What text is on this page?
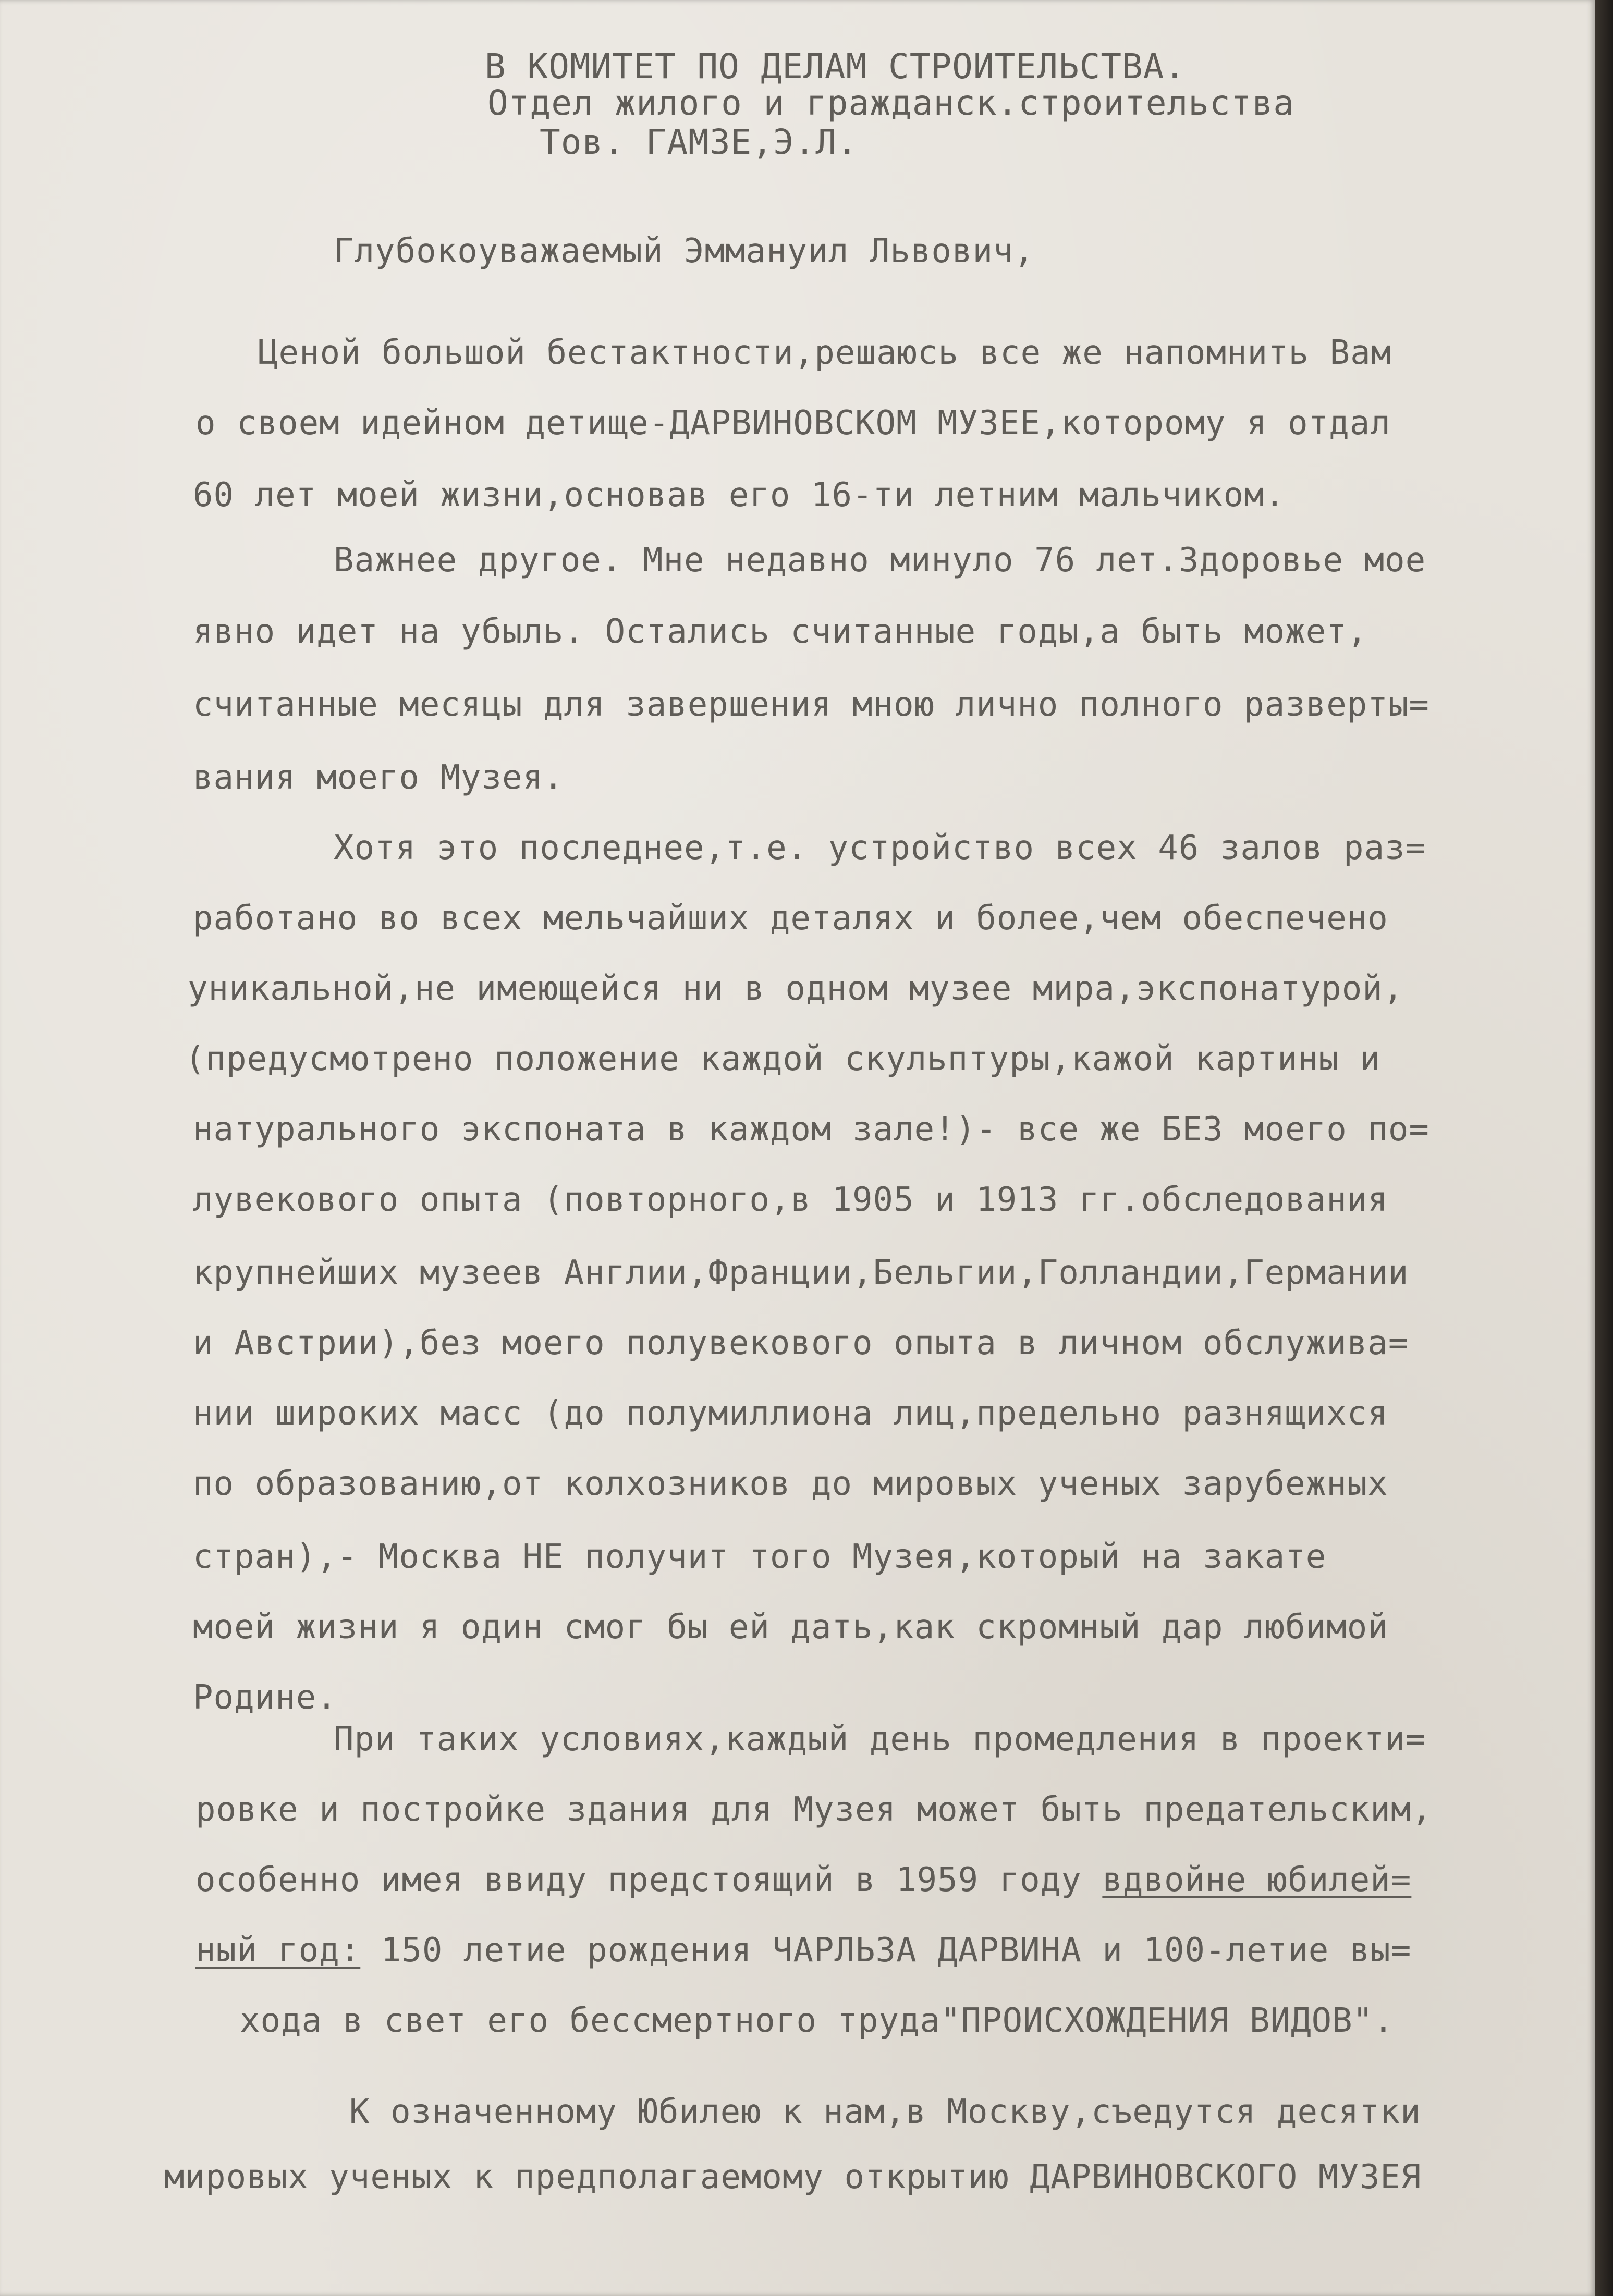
В КОМИТЕТ ПО ДЕЛАМ СТРОИТЕЛЬСТВА.
Отдел жилого и гражданск.строительства
Тов. ГАМЗЕ,Э.Л.
Глубокоуважаемый Эммануил Львович,
Ценой большой бестактности,решаюсь все же напомнить Вам
о своем идейном детище-ДАРВИНОВСКОМ МУЗЕЕ,которому я отдал
60 лет моей жизни,основав его 16-ти летним мальчиком.
Важнее другое. Мне недавно минуло 76 лет.Здоровье мое
явно идет на убыль. Остались считанные годы,а быть может,
считанные месяцы для завершения мною лично полного разверты=
вания моего Музея.
Хотя это последнее,т.е. устройство всех 46 залов раз=
работано во всех мельчайших деталях и более,чем обеспечено
уникальной,не имеющейся ни в одном музее мира,экспонатурой,
(предусмотрено положение каждой скульптуры,кажой картины и
натурального экспоната в каждом зале!)- все же БЕЗ моего по=
лувекового опыта (повторного,в 1905 и 1913 гг.обследования
крупнейших музеев Англии,Франции,Бельгии,Голландии,Германии
и Австрии),без моего полувекового опыта в личном обслужива=
нии широких масс (до полумиллиона лиц,предельно разнящихся
по образованию,от колхозников до мировых ученых зарубежных
стран),- Москва НЕ получит того Музея,который на закате
моей жизни я один смог бы ей дать,как скромный дар любимой
Родине.
При таких условиях,каждый день промедления в проекти=
ровке и постройке здания для Музея может быть предательским,
особенно имея ввиду предстоящий в 1959 году вдвойне юбилей=
ный год: 150 летие рождения ЧАРЛЬЗА ДАРВИНА и 100-летие вы=
хода в свет его бессмертного труда"ПРОИСХОЖДЕНИЯ ВИДОВ".
К означенному Юбилею к нам,в Москву,съедутся десятки
мировых ученых к предполагаемому открытию ДАРВИНОВСКОГО МУЗЕЯ
